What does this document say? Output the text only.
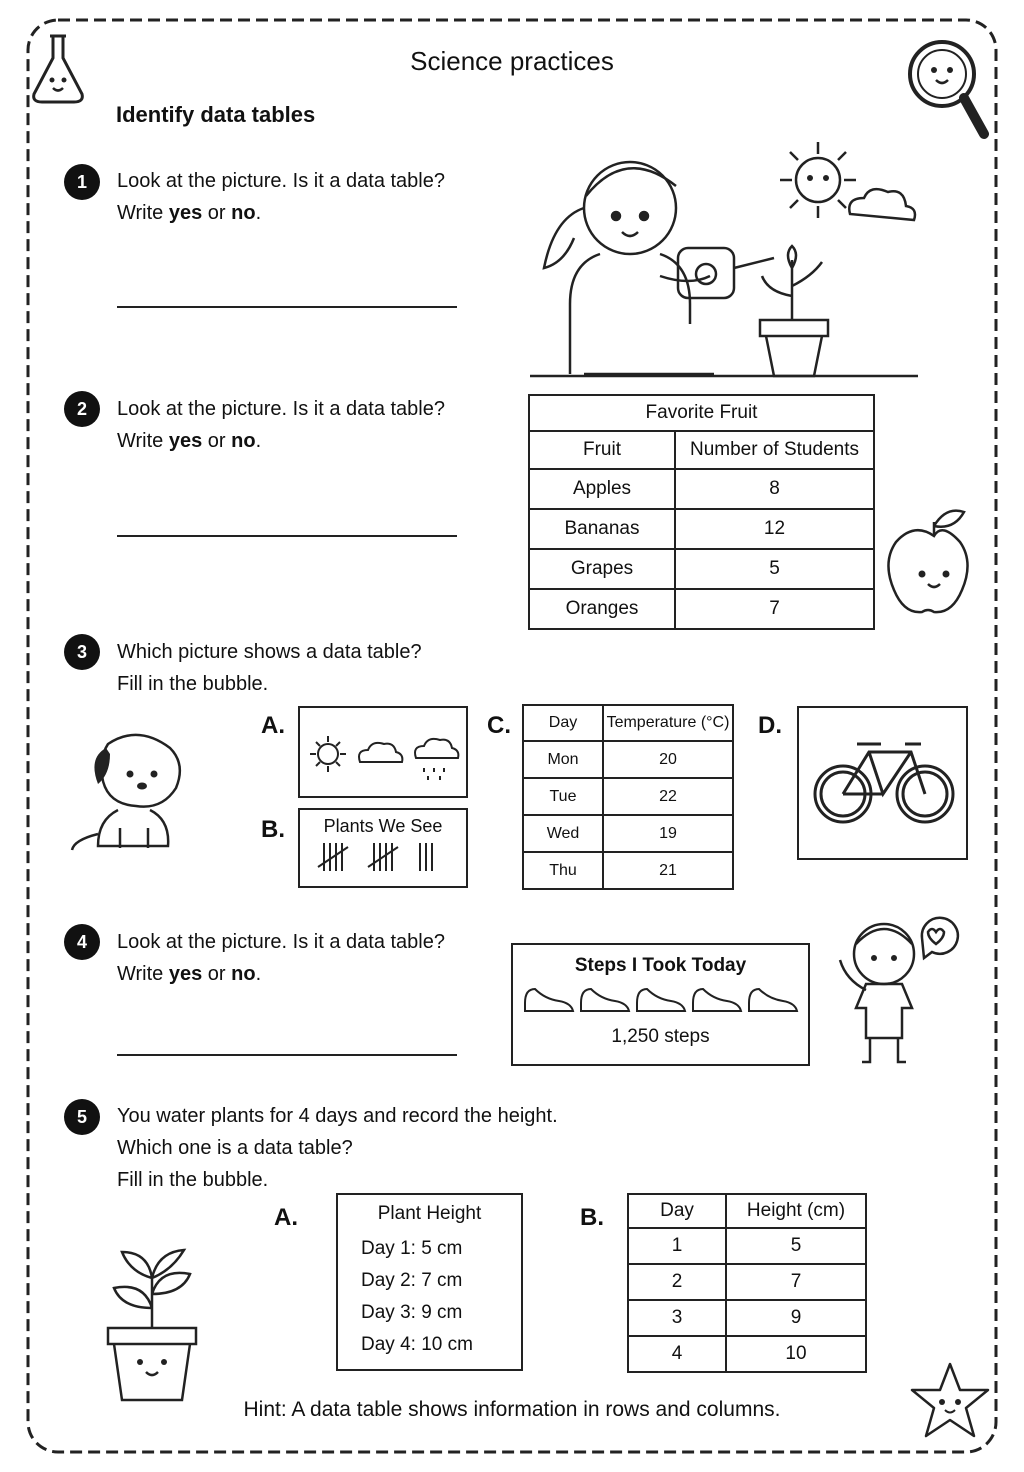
Science practices
Identify data tables
1	Look at the picture. Is it a data table?
Write yes or no.
2	Look at the picture. Is it a data table?
Write yes or no.
Favorite Fruit	
Fruit	Number of Students
Apples	8
Bananas	12
Grapes	5
Oranges	7
3	Which picture shows a data table?
Fill in the bubble.
A.
B.	Plants We See
C. Day	Temperature (°C)
Mon	20
Tue	22
Wed	19
Thu	21
D.
4	Look at the picture. Is it a data table?
Write yes or no.	Steps I Took Today
1,250 steps
5	You water plants for 4 days and record the height.
Which one is a data table?
Fill in the bubble.
A.	Plant Height
Day 1: 5 cm
Day 2: 7 cm
Day 3: 9 cm
Day 4: 10 cm
B.	Day	Height (cm)
1	5
2	7
3	9
4	10
Hint: A data table shows information in rows and columns.
